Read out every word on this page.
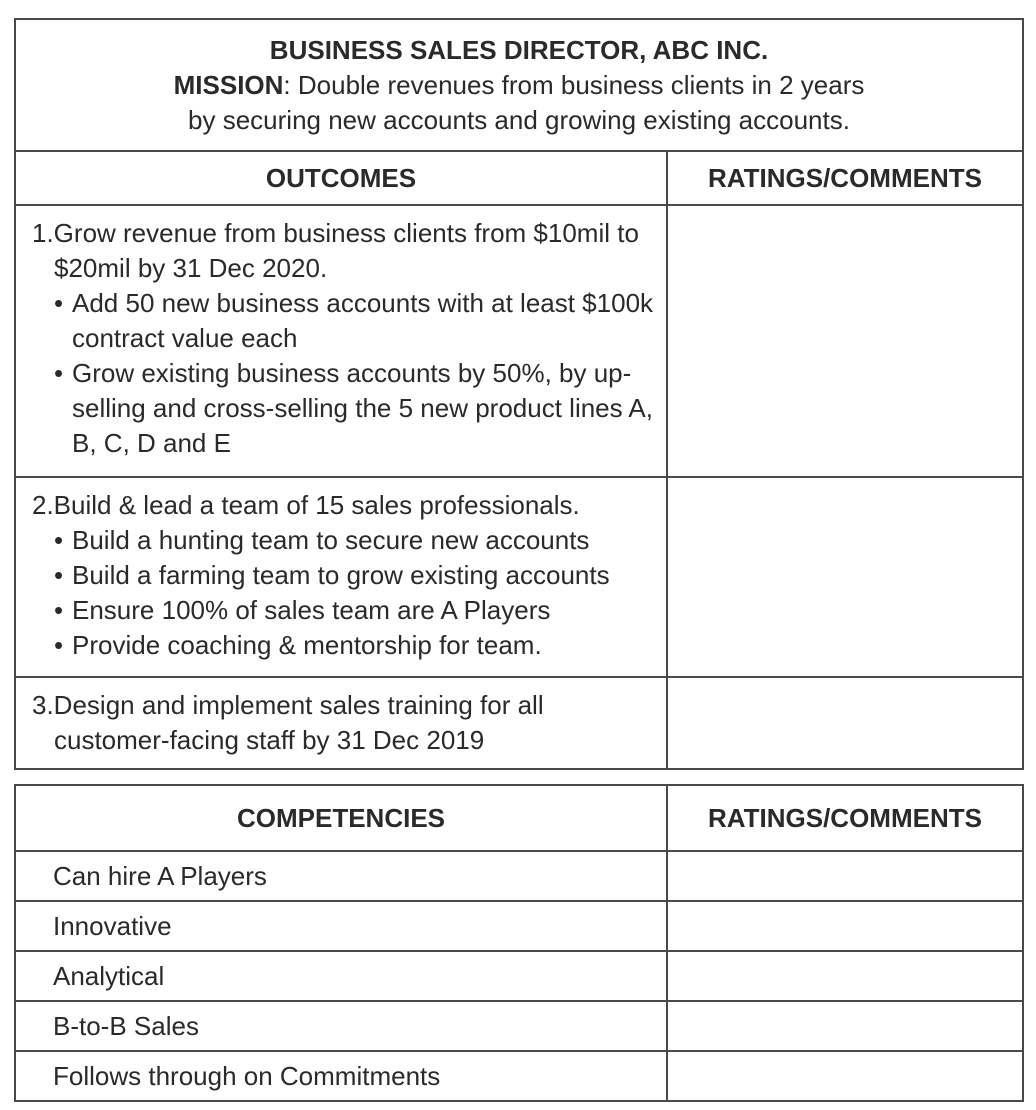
BUSINESS SALES DIRECTOR, ABC INC.
MISSION: Double revenues from business clients in 2 years
by securing new accounts and growing existing accounts.
OUTCOMES	RATINGS/COMMENTS
1.Grow revenue from business clients from $10mil to $20mil by 31 Dec 2020.
• Add 50 new business accounts with at least $100k contract value each
• Grow existing business accounts by 50%, by up-selling and cross-selling the 5 new product lines A, B, C, D and E
2.Build & lead a team of 15 sales professionals.
• Build a hunting team to secure new accounts
• Build a farming team to grow existing accounts
• Ensure 100% of sales team are A Players
• Provide coaching & mentorship for team.
3.Design and implement sales training for all customer-facing staff by 31 Dec 2019
COMPETENCIES	RATINGS/COMMENTS
Can hire A Players
Innovative
Analytical
B-to-B Sales
Follows through on Commitments
